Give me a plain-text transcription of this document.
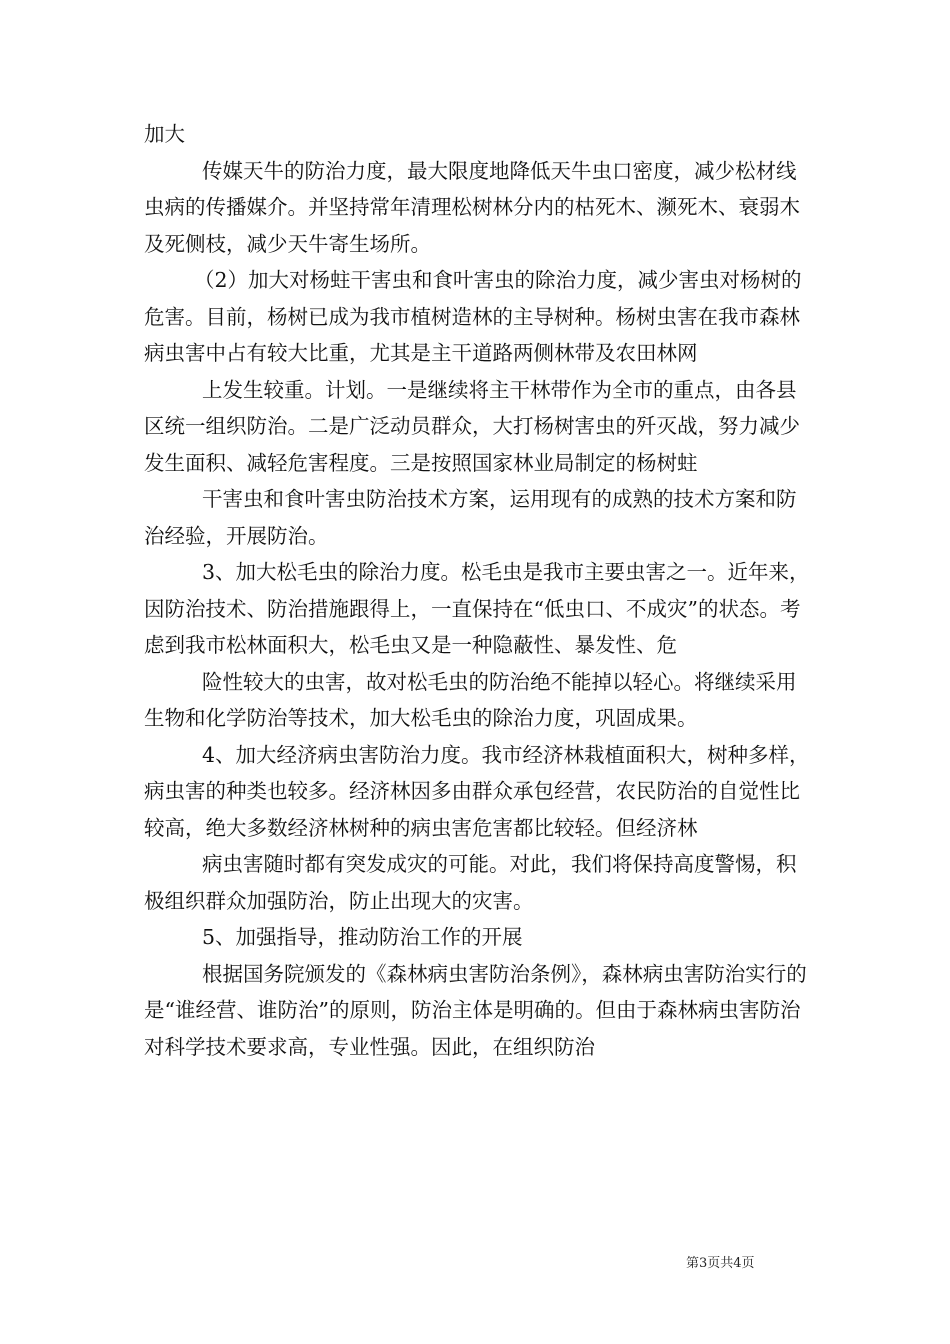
加大

传媒天牛的防治力度，最大限度地降低天牛虫口密度，减少松材线虫病的传播媒介。并坚持常年清理松树林分内的枯死木、濒死木、衰弱木及死侧枝，减少天牛寄生场所。

（2）加大对杨蛀干害虫和食叶害虫的除治力度，减少害虫对杨树的危害。目前，杨树已成为我市植树造林的主导树种。杨树虫害在我市森林病虫害中占有较大比重，尤其是主干道路两侧林带及农田林网

上发生较重。计划。一是继续将主干林带作为全市的重点，由各县区统一组织防治。二是广泛动员群众，大打杨树害虫的歼灭战，努力减少发生面积、减轻危害程度。三是按照国家林业局制定的杨树蛀

干害虫和食叶害虫防治技术方案，运用现有的成熟的技术方案和防治经验，开展防治。

3、加大松毛虫的除治力度。松毛虫是我市主要虫害之一。近年来，因防治技术、防治措施跟得上，一直保持在“低虫口、不成灾”的状态。考虑到我市松林面积大，松毛虫又是一种隐蔽性、暴发性、危

险性较大的虫害，故对松毛虫的防治绝不能掉以轻心。将继续采用生物和化学防治等技术，加大松毛虫的除治力度，巩固成果。

4、加大经济病虫害防治力度。我市经济林栽植面积大，树种多样，病虫害的种类也较多。经济林因多由群众承包经营，农民防治的自觉性比较高，绝大多数经济林树种的病虫害危害都比较轻。但经济林

病虫害随时都有突发成灾的可能。对此，我们将保持高度警惕，积极组织群众加强防治，防止出现大的灾害。

5、加强指导，推动防治工作的开展

根据国务院颁发的《森林病虫害防治条例》，森林病虫害防治实行的是“谁经营、谁防治”的原则，防治主体是明确的。但由于森林病虫害防治对科学技术要求高，专业性强。因此，在组织防治

第3页共4页
